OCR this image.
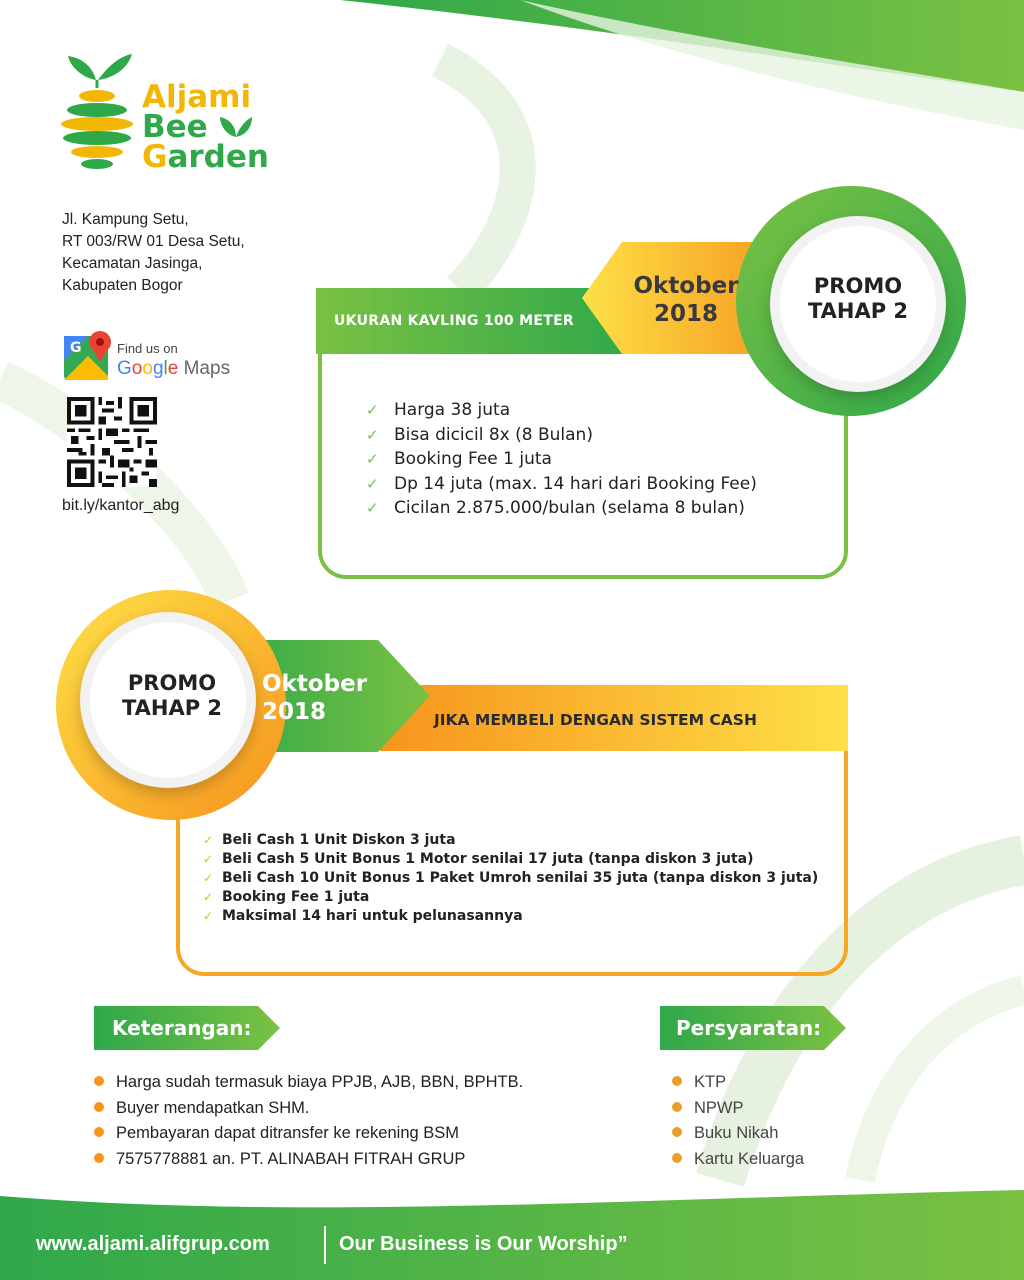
Aljami
Bee
Garden
Jl. Kampung Setu,
RT 003/RW 01 Desa Setu,
Kecamatan Jasinga,
Kabupaten Bogor
G	Find us on
Google Maps
bit.ly/kantor_abg
UKURAN KAVLING 100 METER
PROMO
TAHAP 2
Oktober
2018
✓ Harga 38 juta
✓ Bisa dicicil 8x (8 Bulan)
✓ Booking Fee 1 juta
✓ Dp 14 juta (max. 14 hari dari Booking Fee)
✓ Cicilan 2.875.000/bulan (selama 8 bulan)
JIKA MEMBELI DENGAN SISTEM CASH
PROMO
TAHAP 2
Oktober
2018
✓ Beli Cash 1 Unit Diskon 3 juta
✓ Beli Cash 5 Unit Bonus 1 Motor senilai 17 juta (tanpa diskon 3 juta)
✓ Beli Cash 10 Unit Bonus 1 Paket Umroh senilai 35 juta (tanpa diskon 3 juta)
✓ Booking Fee 1 juta
✓ Maksimal 14 hari untuk pelunasannya
Keterangan:
Harga sudah termasuk biaya PPJB, AJB, BBN, BPHTB.
Buyer mendapatkan SHM.
Pembayaran dapat ditransfer ke rekening BSM
7575778881 an. PT. ALINABAH FITRAH GRUP
Persyaratan:
KTP
NPWP
Buku Nikah
Kartu Keluarga
www.aljami.alifgrup.com	Our Business is Our Worship”
